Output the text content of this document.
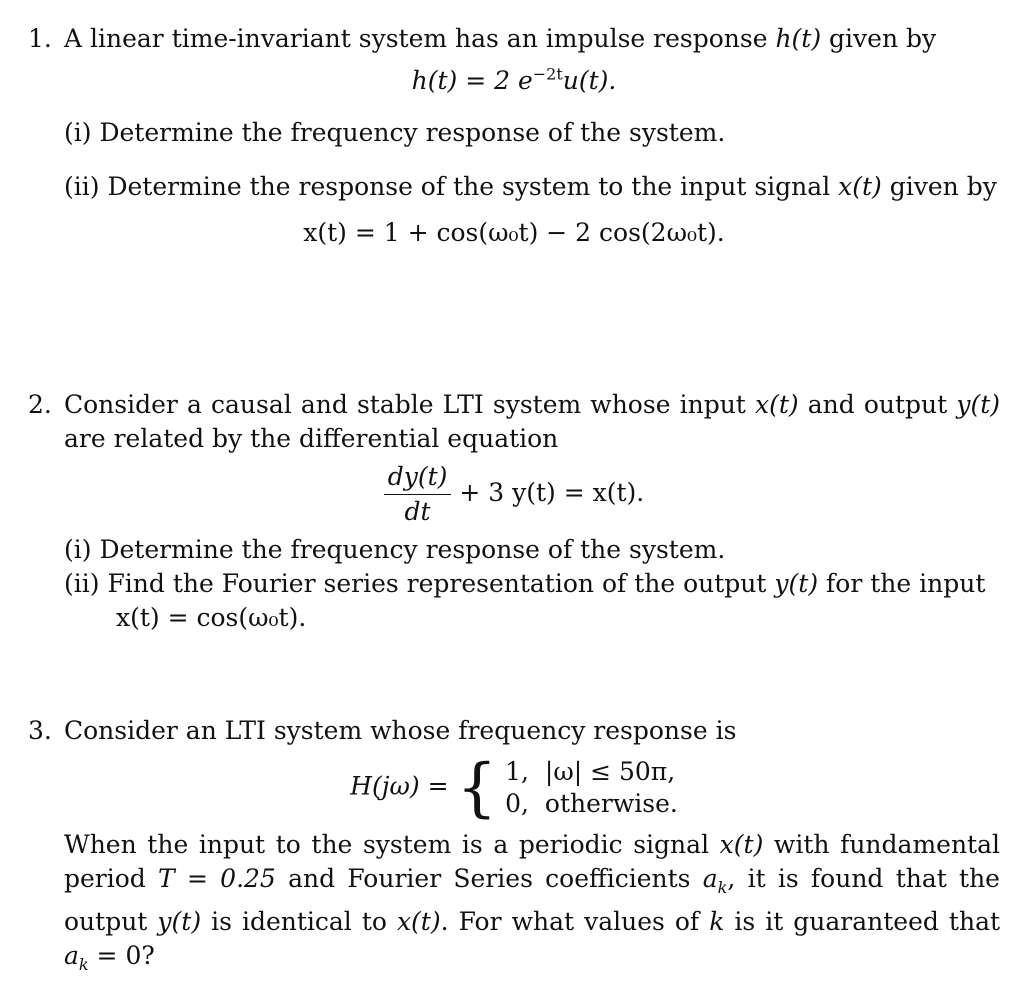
1. A linear time-invariant system has an impulse response h(t) given by
h(t) = 2 $e^{-2t}u(t)$.
(i) Determine the frequency response of the system.
(ii) Determine the response of the system to the input signal x(t) given by
x(t) = 1 + cos(ω₀t) − 2 cos(2ω₀t).
2. Consider a causal and stable LTI system whose input x(t) and output y(t) are related by the differential equation
$\frac{dy(t)}{dt} + 3$ y(t) = x(t).
(i) Determine the frequency response of the system.
(ii) Find the Fourier series representation of the output y(t) for the input x(t) = cos(ω₀t).
3. Consider an LTI system whose frequency response is
H(jω) = { 1, |ω| ≤ 50π,
0, otherwise.
When the input to the system is a periodic signal x(t) with fundamental period T = 0.25 and Fourier Series coefficients $a_k$, it is found that the output y(t) is identical to x(t). For what values of k is it guaranteed that $a_k = 0$?
